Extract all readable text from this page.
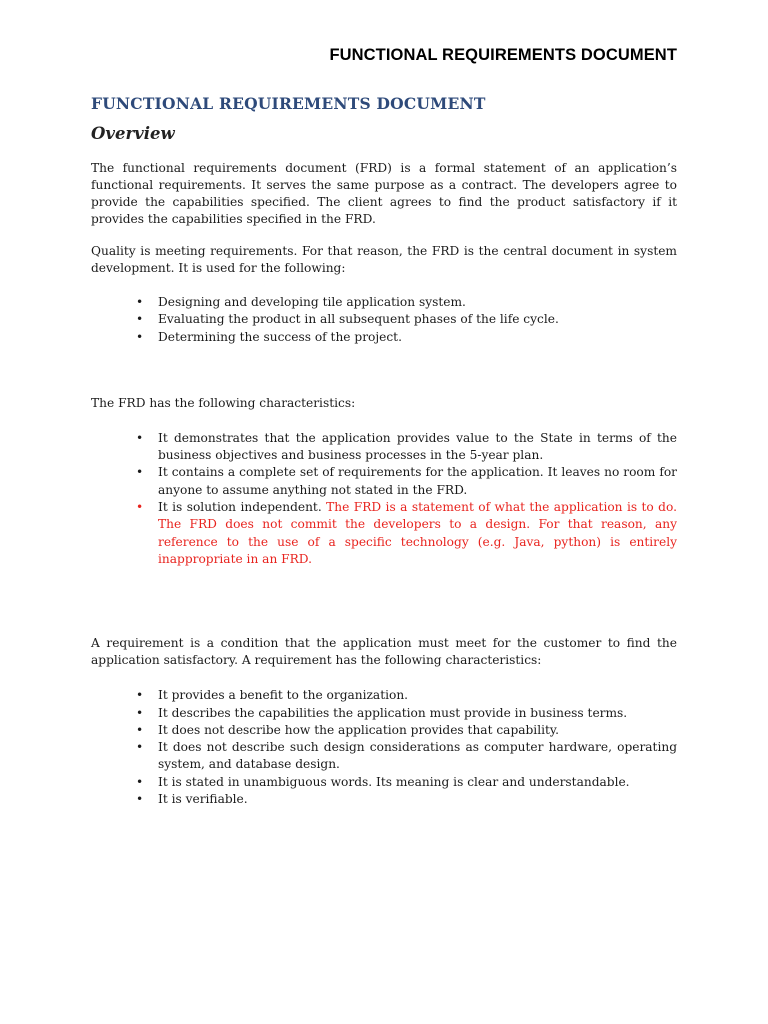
FUNCTIONAL REQUIREMENTS DOCUMENT
FUNCTIONAL REQUIREMENTS DOCUMENT
Overview

The functional requirements document (FRD) is a formal statement of an application’s functional requirements. It serves the same purpose as a contract. The developers agree to provide the capabilities specified. The client agrees to find the product satisfactory if it provides the capabilities specified in the FRD.

Quality is meeting requirements. For that reason, the FRD is the central document in system development. It is used for the following:

• Designing and developing tile application system.
• Evaluating the product in all subsequent phases of the life cycle.
• Determining the success of the project.

The FRD has the following characteristics:

• It demonstrates that the application provides value to the State in terms of the business objectives and business processes in the 5-year plan.
• It contains a complete set of requirements for the application. It leaves no room for anyone to assume anything not stated in the FRD.
• It is solution independent. The FRD is a statement of what the application is to do. The FRD does not commit the developers to a design. For that reason, any reference to the use of a specific technology (e.g. Java, python) is entirely inappropriate in an FRD.

A requirement is a condition that the application must meet for the customer to find the application satisfactory. A requirement has the following characteristics:

• It provides a benefit to the organization.
• It describes the capabilities the application must provide in business terms.
• It does not describe how the application provides that capability.
• It does not describe such design considerations as computer hardware, operating system, and database design.
• It is stated in unambiguous words. Its meaning is clear and understandable.
• It is verifiable.
